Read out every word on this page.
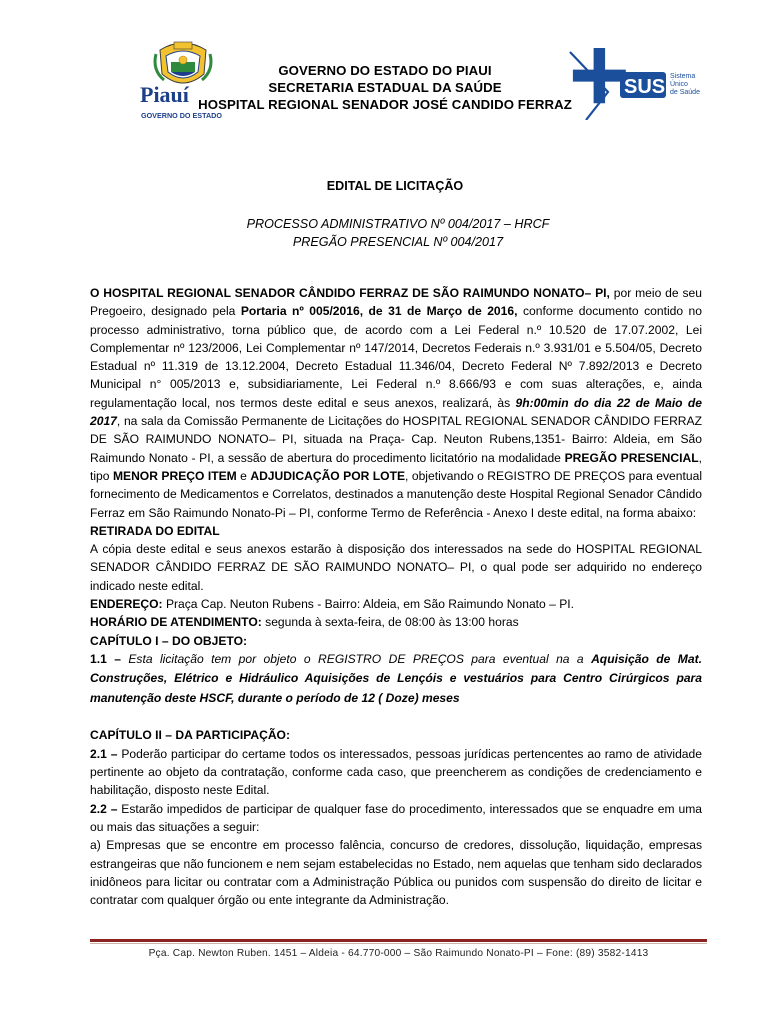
Piauí
GOVERNO DO ESTADO
SUS Sistema
Único
de Saúde
GOVERNO DO ESTADO DO PIAUI
SECRETARIA ESTADUAL DA SAÚDE
HOSPITAL REGIONAL SENADOR JOSÉ CANDIDO FERRAZ
EDITAL DE LICITAÇÃO
PROCESSO ADMINISTRATIVO Nº 004/2017 – HRCF
PREGÃO PRESENCIAL Nº 004/2017

O HOSPITAL REGIONAL SENADOR CÂNDIDO FERRAZ DE SÃO RAIMUNDO NONATO– PI, por meio de seu Pregoeiro, designado pela Portaria nº 005/2016, de 31 de Março de 2016, conforme documento contido no processo administrativo, torna público que, de acordo com a Lei Federal n.º 10.520 de 17.07.2002, Lei Complementar nº 123/2006, Lei Complementar nº 147/2014, Decretos Federais n.º 3.931/01 e 5.504/05, Decreto Estadual nº 11.319 de 13.12.2004, Decreto Estadual 11.346/04, Decreto Federal Nº 7.892/2013 e Decreto Municipal n° 005/2013 e, subsidiariamente, Lei Federal n.º 8.666/93 e com suas alterações, e, ainda regulamentação local, nos termos deste edital e seus anexos, realizará, às 9h:00min do dia 22 de Maio de 2017, na sala da Comissão Permanente de Licitações do HOSPITAL REGIONAL SENADOR CÂNDIDO FERRAZ DE SÃO RAIMUNDO NONATO– PI, situada na Praça- Cap. Neuton Rubens,1351- Bairro: Aldeia, em São Raimundo Nonato - PI, a sessão de abertura do procedimento licitatório na modalidade PREGÃO PRESENCIAL, tipo MENOR PREÇO ITEM e ADJUDICAÇÃO POR LOTE, objetivando o REGISTRO DE PREÇOS para eventual fornecimento de Medicamentos e Correlatos, destinados a manutenção deste Hospital Regional Senador Cândido Ferraz em São Raimundo Nonato-Pi – PI, conforme Termo de Referência - Anexo I deste edital, na forma abaixo:

RETIRADA DO EDITAL

A cópia deste edital e seus anexos estarão à disposição dos interessados na sede do HOSPITAL REGIONAL SENADOR CÂNDIDO FERRAZ DE SÃO RAIMUNDO NONATO– PI, o qual pode ser adquirido no endereço indicado neste edital.

ENDEREÇO: Praça Cap. Neuton Rubens - Bairro: Aldeia, em São Raimundo Nonato – PI.

HORÁRIO DE ATENDIMENTO: segunda à sexta-feira, de 08:00 às 13:00 horas

CAPÍTULO I – DO OBJETO:

1.1 – Esta licitação tem por objeto o REGISTRO DE PREÇOS para eventual na a Aquisição de Mat. Construções, Elétrico e Hidráulico Aquisições de Lençóis e vestuários para Centro Cirúrgicos para manutenção deste HSCF, durante o período de 12 ( Doze) meses

CAPÍTULO II – DA PARTICIPAÇÃO:

2.1 – Poderão participar do certame todos os interessados, pessoas jurídicas pertencentes ao ramo de atividade pertinente ao objeto da contratação, conforme cada caso, que preencherem as condições de credenciamento e habilitação, disposto neste Edital.

2.2 – Estarão impedidos de participar de qualquer fase do procedimento, interessados que se enquadre em uma ou mais das situações a seguir:

a) Empresas que se encontre em processo falência, concurso de credores, dissolução, liquidação, empresas estrangeiras que não funcionem e nem sejam estabelecidas no Estado, nem aquelas que tenham sido declarados inidôneos para licitar ou contratar com a Administração Pública ou punidos com suspensão do direito de licitar e contratar com qualquer órgão ou ente integrante da Administração.

Pça. Cap. Newton Ruben. 1451 – Aldeia - 64.770-000 – São Raimundo Nonato-PI – Fone: (89) 3582-1413
